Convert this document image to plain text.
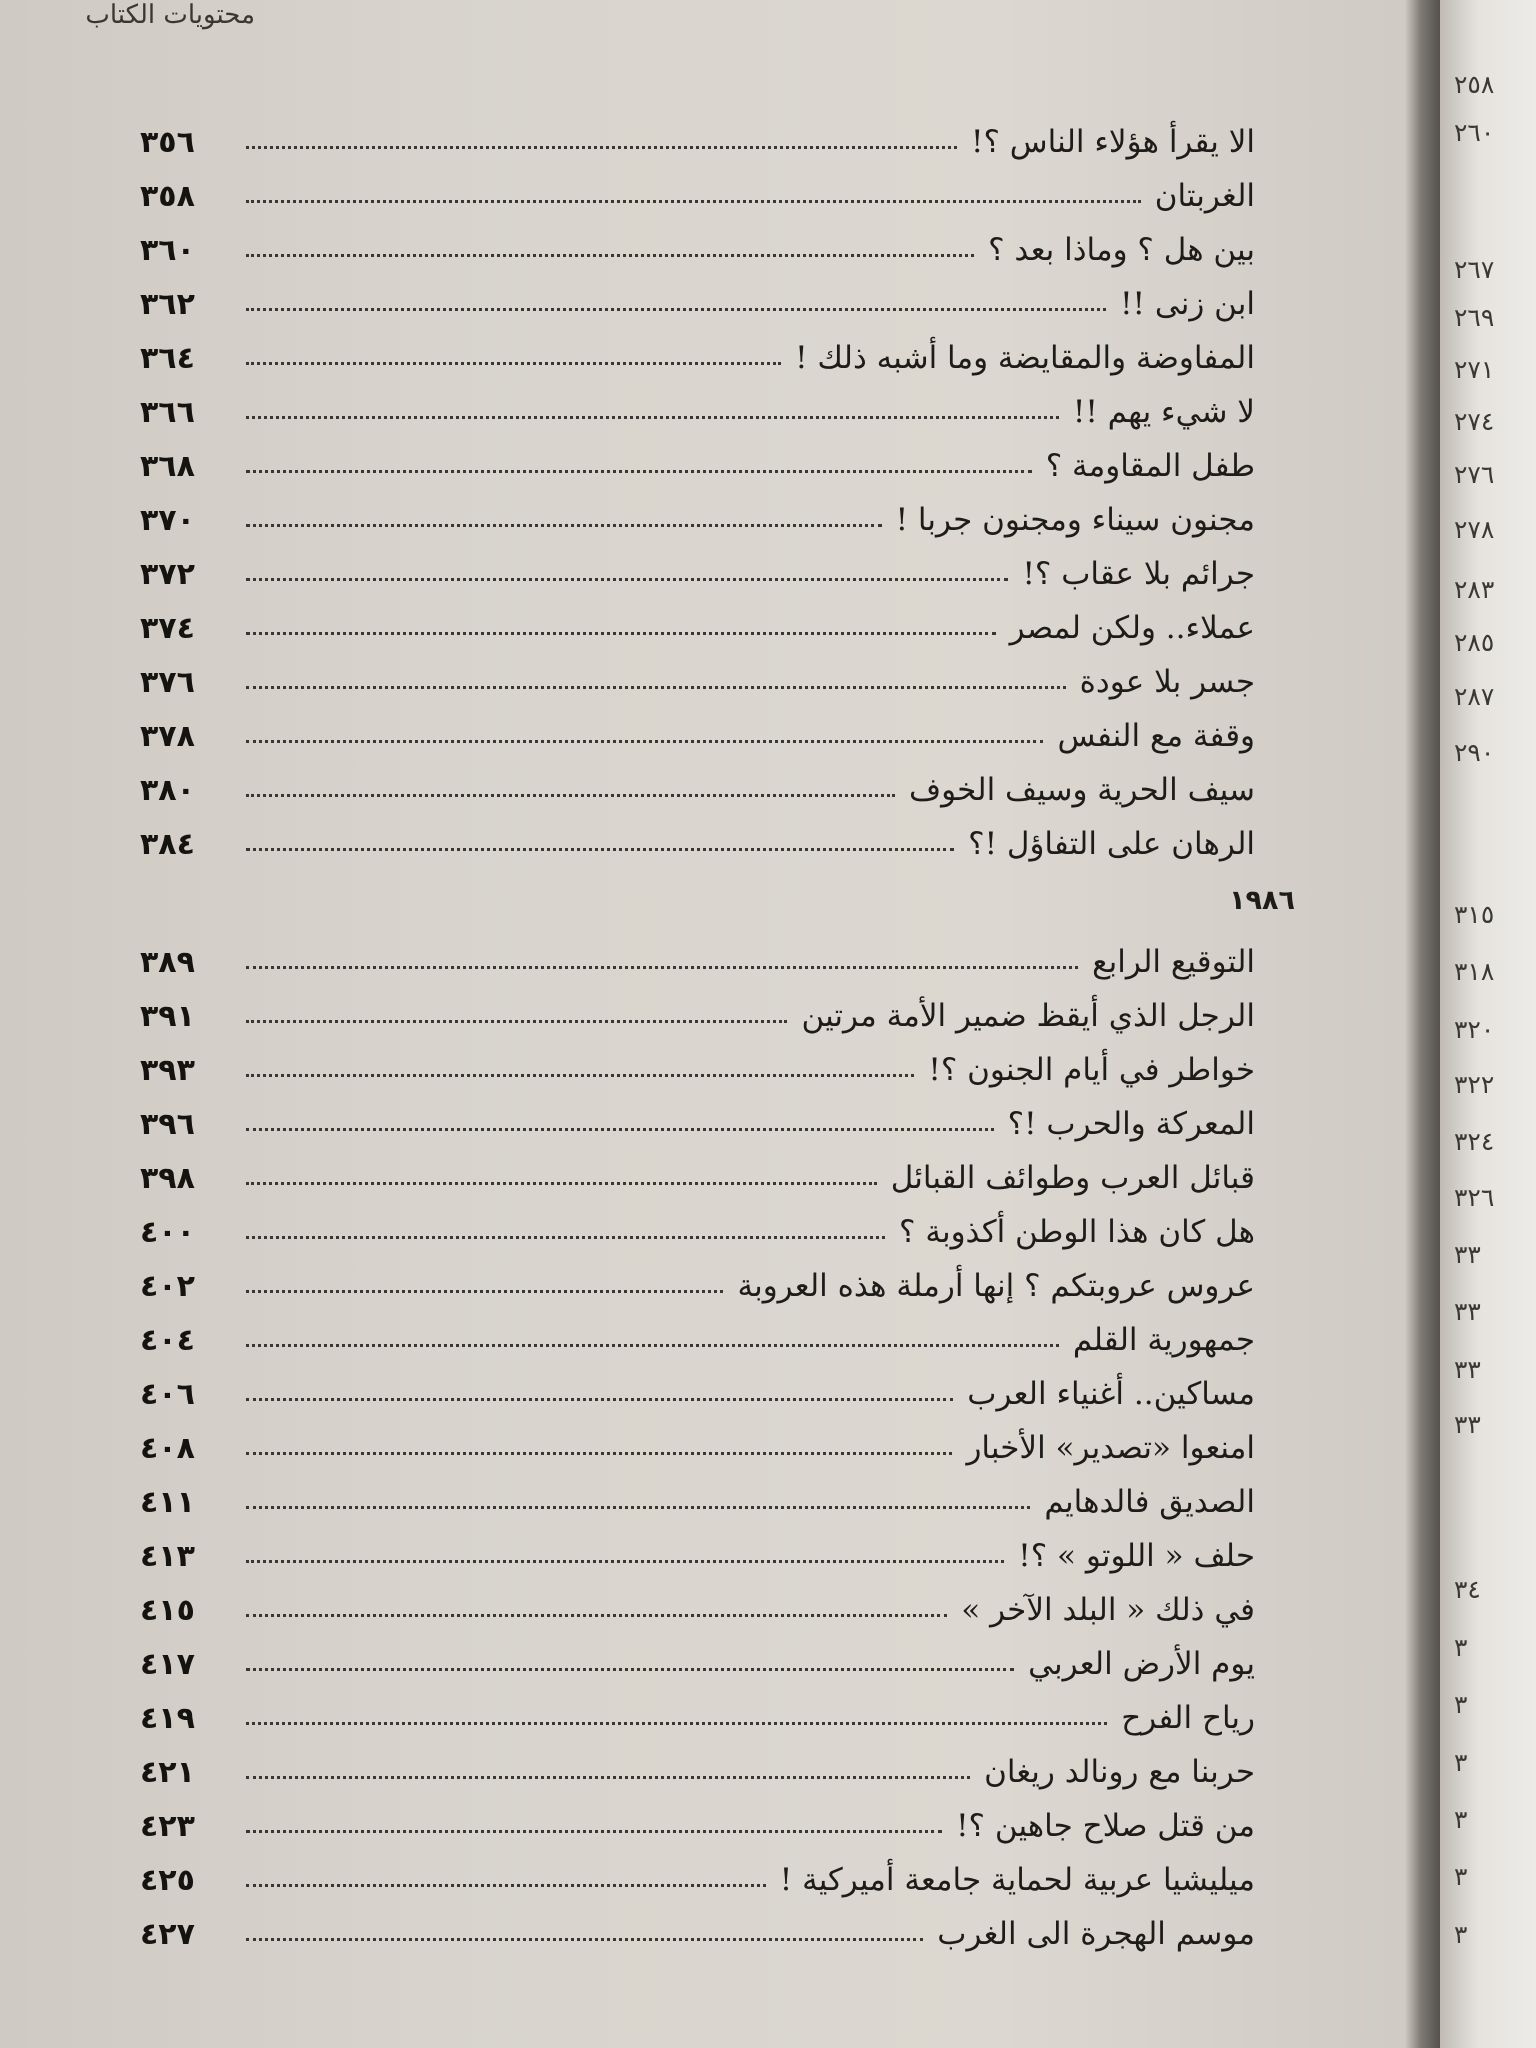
محتويات الكتاب
الا يقرأ هؤلاء الناس ؟!
٣٥٦
الغربتان
٣٥٨
بين هل ؟ وماذا بعد ؟
٣٦٠
ابن زنى !!
٣٦٢
المفاوضة والمقايضة وما أشبه ذلك !
٣٦٤
لا شيء يهم !!
٣٦٦
طفل المقاومة ؟
٣٦٨
مجنون سيناء ومجنون جربا !
٣٧٠
جرائم بلا عقاب ؟!
٣٧٢
عملاء.. ولكن لمصر
٣٧٤
جسر بلا عودة
٣٧٦
وقفة مع النفس
٣٧٨
سيف الحرية وسيف الخوف
٣٨٠
الرهان على التفاؤل !؟
٣٨٤
١٩٨٦
التوقيع الرابع
٣٨٩
الرجل الذي أيقظ ضمير الأمة مرتين
٣٩١
خواطر في أيام الجنون ؟!
٣٩٣
المعركة والحرب !؟
٣٩٦
قبائل العرب وطوائف القبائل
٣٩٨
هل كان هذا الوطن أكذوبة ؟
٤٠٠
عروس عروبتكم ؟ إنها أرملة هذه العروبة
٤٠٢
جمهورية القلم
٤٠٤
مساكين.. أغنياء العرب
٤٠٦
امنعوا «تصدير» الأخبار
٤٠٨
الصديق فالدهايم
٤١١
حلف « اللوتو » ؟!
٤١٣
في ذلك « البلد الآخر »
٤١٥
يوم الأرض العربي
٤١٧
رياح الفرح
٤١٩
حربنا مع رونالد ريغان
٤٢١
من قتل صلاح جاهين ؟!
٤٢٣
ميليشيا عربية لحماية جامعة أميركية !
٤٢٥
موسم الهجرة الى الغرب
٤٢٧
٢٥٨
٢٦٠
٢٦٧
٢٦٩
٢٧١
٢٧٤
٢٧٦
٢٧٨
٢٨٣
٢٨٥
٢٨٧
٢٩٠
٣١٥
٣١٨
٣٢٠
٣٢٢
٣٢٤
٣٢٦
٣٣
٣٣
٣٣
٣٣
٣٤
٣
٣
٣
٣
٣
٣
